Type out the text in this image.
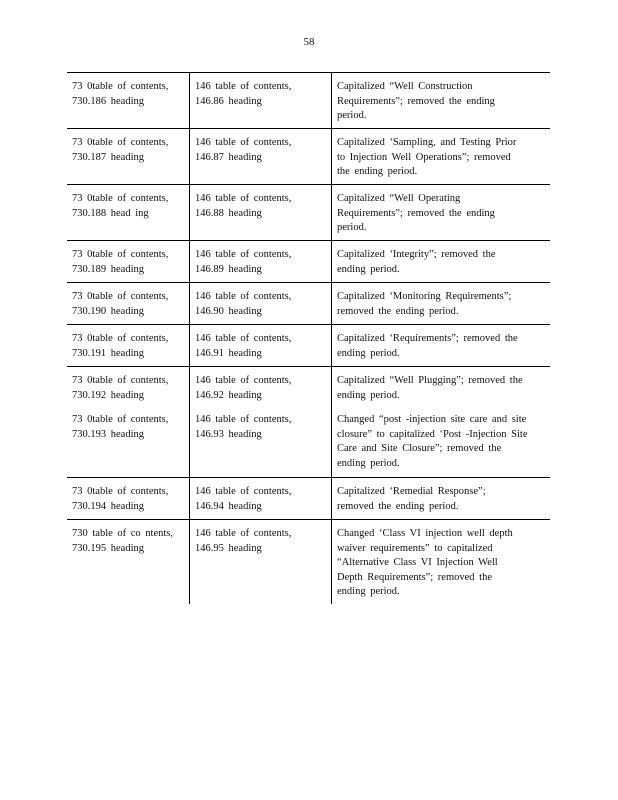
58
73 0table of contents,
730.186 heading
146 table of contents,
146.86 heading
Capitalized “Well Construction
Requirements”; removed the ending
period.
73 0table of contents,
730.187 heading
146 table of contents,
146.87 heading
Capitalized ‘Sampling, and Testing Prior
to Injection Well Operations”; removed
the ending period.
73 0table of contents,
730.188 head ing
146 table of contents,
146.88 heading
Capitalized “Well Operating
Requirements”; removed the ending
period.
73 0table of contents,
730.189 heading
146 table of contents,
146.89 heading
Capitalized ‘Integrity”; removed the
ending period.
73 0table of contents,
730.190 heading
146 table of contents,
146.90 heading
Capitalized ‘Monitoring Requirements”;
removed the ending period.
73 0table of contents,
730.191 heading
146 table of contents,
146.91 heading
Capitalized ‘Requirements”; removed the
ending period.
73 0table of contents,
730.192 heading
146 table of contents,
146.92 heading
Capitalized “Well Plugging”; removed the
ending period.
73 0table of contents,
730.193 heading
146 table of contents,
146.93 heading
Changed “post -injection site care and site
closure” to capitalized ‘Post -Injection Site
Care and Site Closure”; removed the
ending period.
73 0table of contents,
730.194 heading
146 table of contents,
146.94 heading
Capitalized ‘Remedial Response”;
removed the ending period.
730 table of co ntents,
730.195 heading
146 table of contents,
146.95 heading
Changed ‘Class VI injection well depth
waiver requirements” to capitalized
“Alternative Class VI Injection Well
Depth Requirements”; removed the
ending period.
